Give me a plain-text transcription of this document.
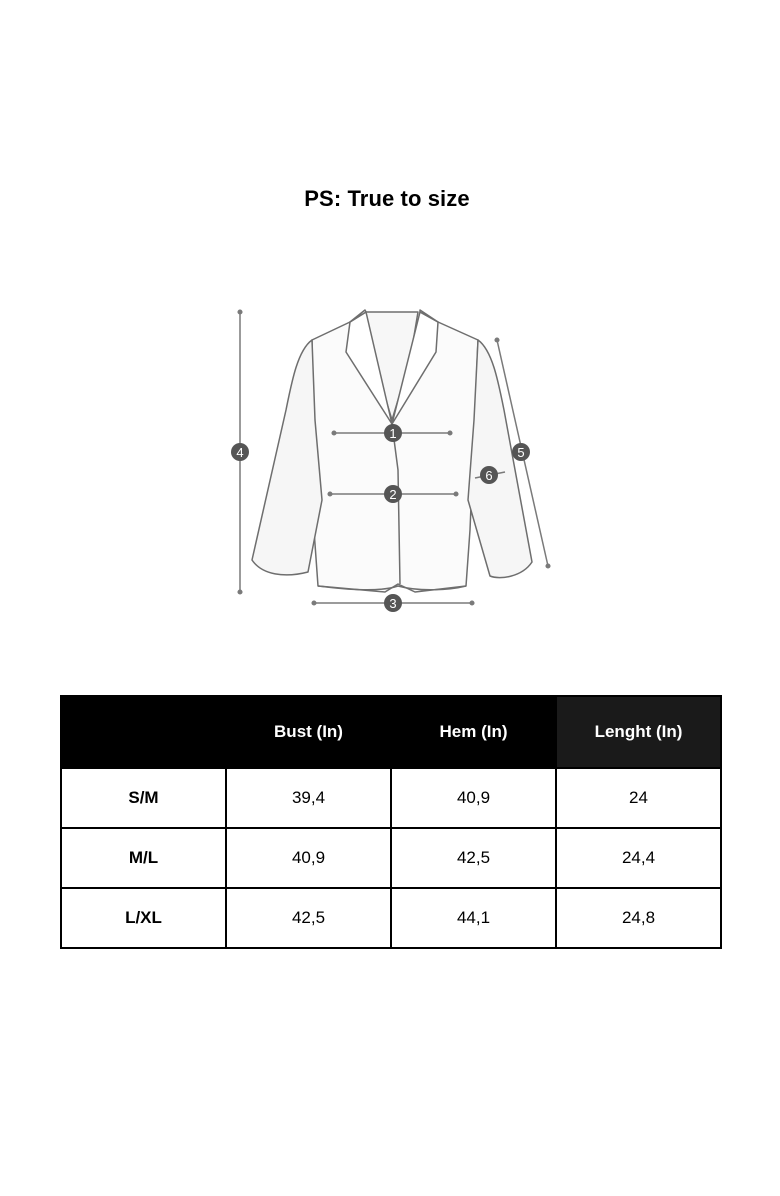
PS: True to size
1
2
3
4	5
6
	Bust (In)	Hem (In)	Lenght (In)
S/M	39,4	40,9	24
M/L	40,9	42,5	24,4
L/XL	42,5	44,1	24,8
